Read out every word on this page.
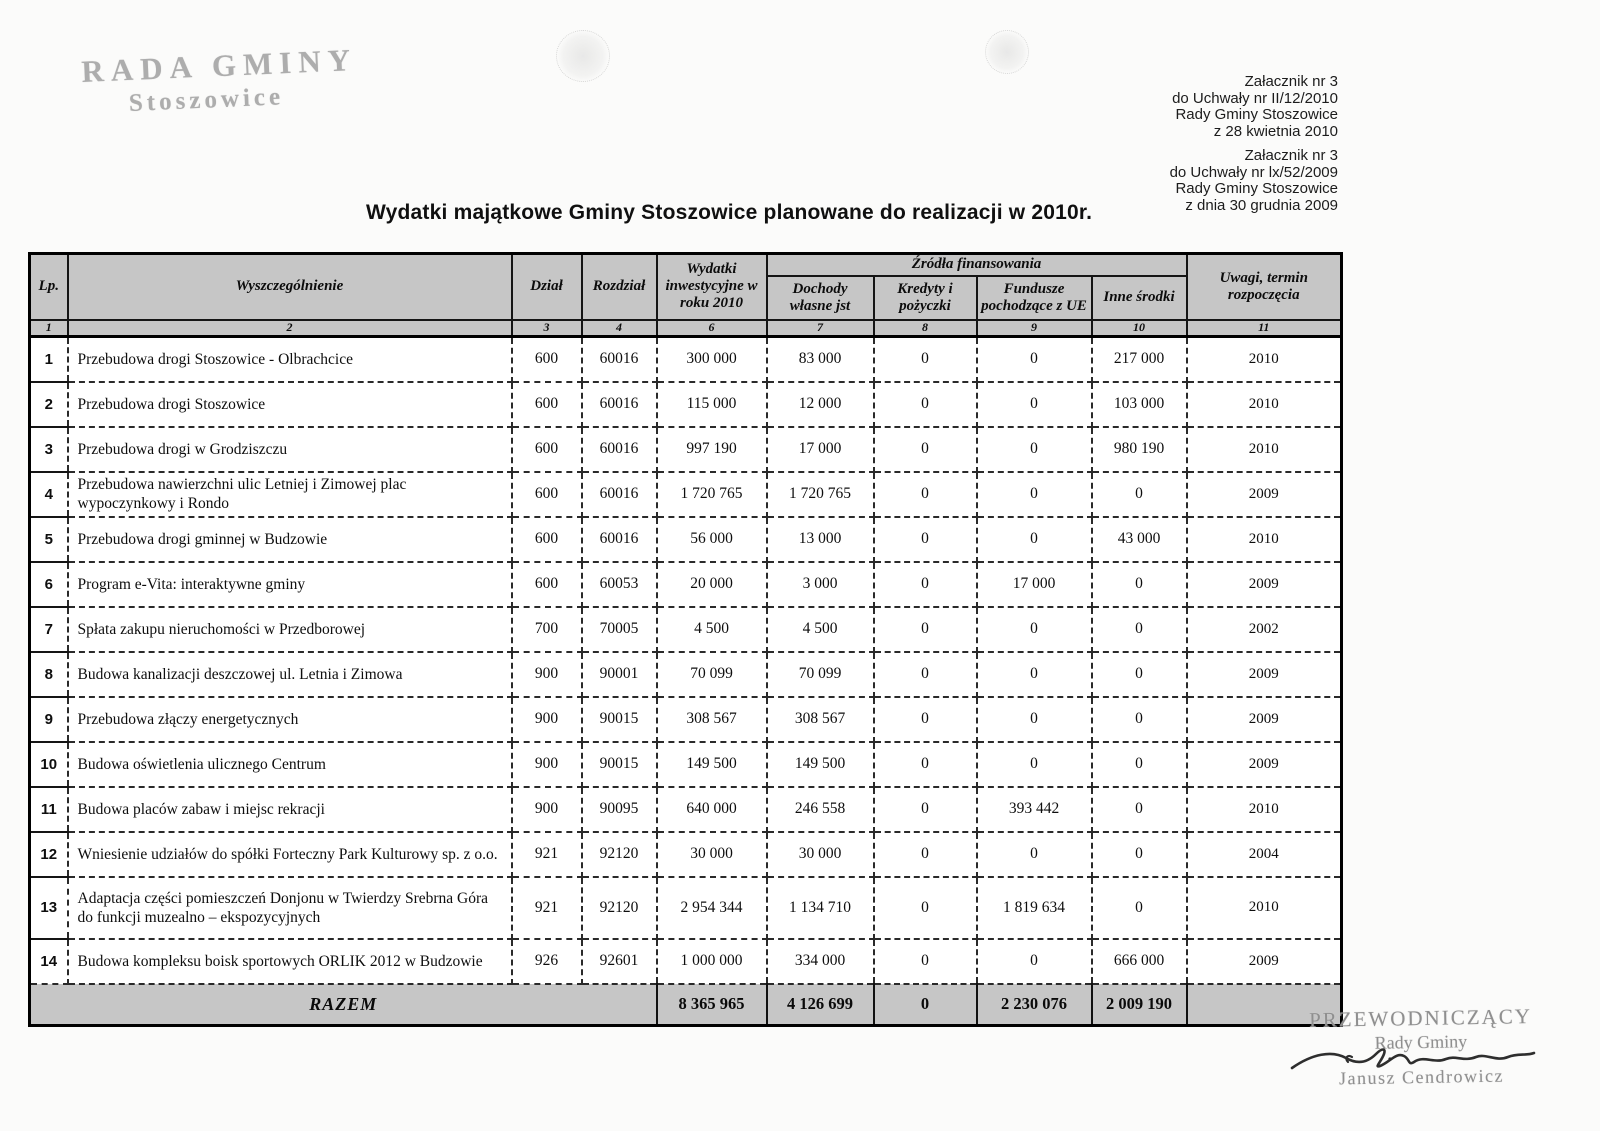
RADA GMINY
Stoszowice
Załacznik nr 3
do Uchwały nr II/12/2010
Rady Gminy Stoszowice
z 28 kwietnia 2010
Załacznik nr 3
do Uchwały nr lx/52/2009
Rady Gminy Stoszowice
z dnia 30 grudnia 2009
Wydatki majątkowe Gminy Stoszowice planowane do realizacji w 2010r.
Lp.	Wyszczególnienie	Dział	Rozdział	Wydatki inwestycyjne w roku 2010	Źródła finansowania				Uwagi, termin rozpoczęcia
					Dochody własne jst	Kredyty i pożyczki	Fundusze pochodzące z UE	Inne środki	
1	2	3	4	6	7	8	9	10	11
1	Przebudowa drogi Stoszowice - Olbrachcice	600	60016	300 000	83 000	0	0	217 000	2010
2	Przebudowa drogi Stoszowice	600	60016	115 000	12 000	0	0	103 000	2010
3	Przebudowa drogi w Grodziszczu	600	60016	997 190	17 000	0	0	980 190	2010
4	Przebudowa nawierzchni ulic Letniej i Zimowej plac wypoczynkowy i Rondo	600	60016	1 720 765	1 720 765	0	0	0	2009
5	Przebudowa drogi gminnej w Budzowie	600	60016	56 000	13 000	0	0	43 000	2010
6	Program e-Vita: interaktywne gminy	600	60053	20 000	3 000	0	17 000	0	2009
7	Spłata zakupu nieruchomości w Przedborowej	700	70005	4 500	4 500	0	0	0	2002
8	Budowa kanalizacji deszczowej ul. Letnia i Zimowa	900	90001	70 099	70 099	0	0	0	2009
9	Przebudowa złączy energetycznych	900	90015	308 567	308 567	0	0	0	2009
10	Budowa oświetlenia ulicznego Centrum	900	90015	149 500	149 500	0	0	0	2009
11	Budowa placów zabaw i miejsc rekracji	900	90095	640 000	246 558	0	393 442	0	2010
12	Wniesienie udziałów do spółki Forteczny Park Kulturowy sp. z o.o.	921	92120	30 000	30 000	0	0	0	2004
13	Adaptacja części pomieszczeń Donjonu w Twierdzy Srebrna Góra do funkcji muzealno – ekspozycyjnych	921	92120	2 954 344	1 134 710	0	1 819 634	0	2010
14	Budowa kompleksu boisk sportowych ORLIK 2012 w Budzowie	926	92601	1 000 000	334 000	0	0	666 000	2009
RAZEM				8 365 965	4 126 699	0	2 230 076	2 009 190	
PRZEWODNICZĄCY
Rady Gminy
Janusz Cendrowicz
